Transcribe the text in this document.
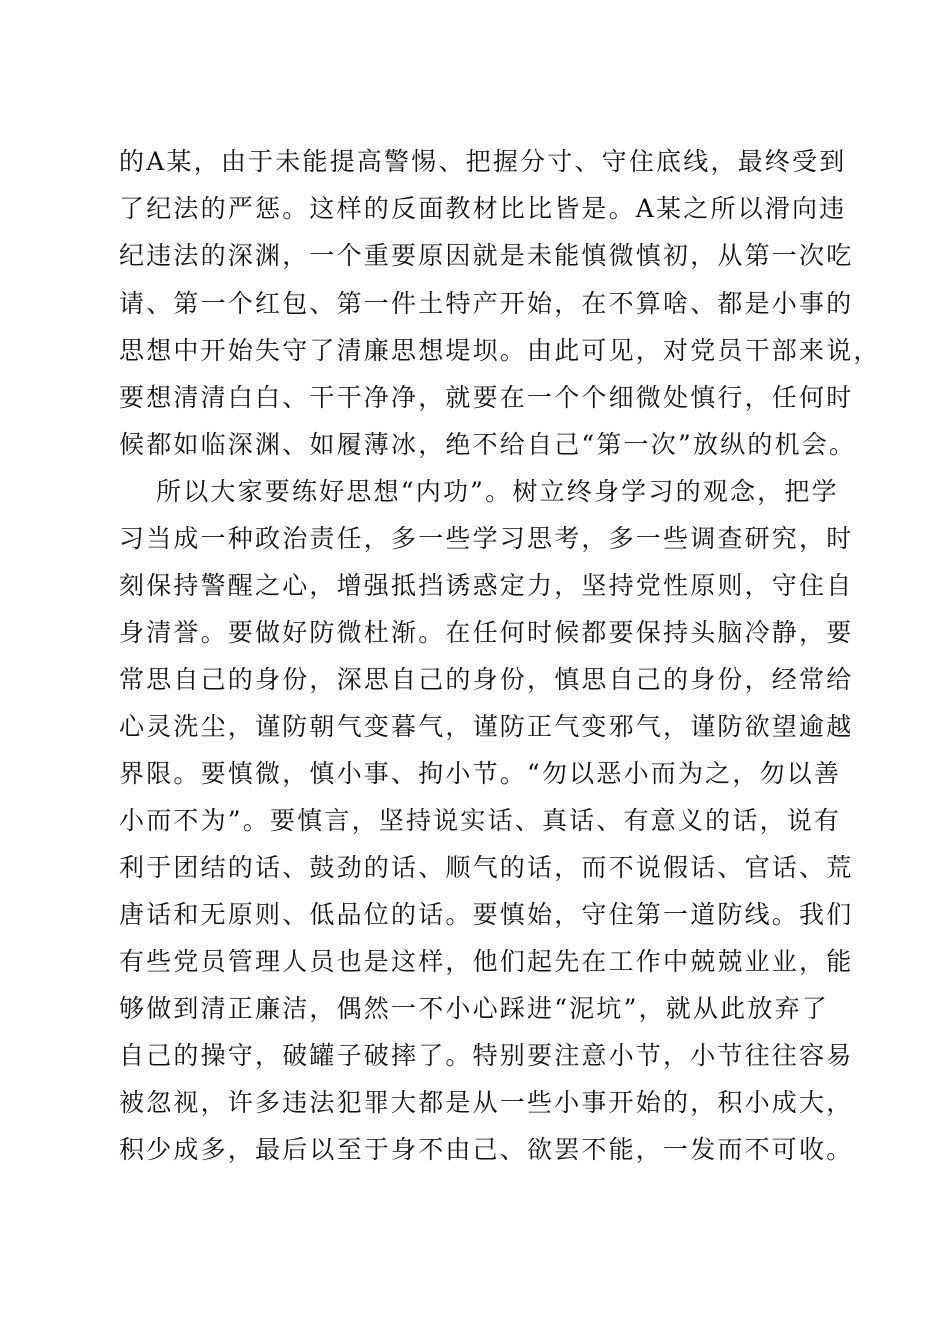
的A某，由于未能提高警惕、把握分寸、守住底线，最终受到
了纪法的严惩。这样的反面教材比比皆是。A某之所以滑向违
纪违法的深渊，一个重要原因就是未能慎微慎初，从第一次吃
请、第一个红包、第一件土特产开始，在不算啥、都是小事的
思想中开始失守了清廉思想堤坝。由此可见，对党员干部来说，
要想清清白白、干干净净，就要在一个个细微处慎行，任何时
候都如临深渊、如履薄冰，绝不给自己“第一次”放纵的机会。
所以大家要练好思想“内功”。树立终身学习的观念，把学
习当成一种政治责任，多一些学习思考，多一些调查研究，时
刻保持警醒之心，增强抵挡诱惑定力，坚持党性原则，守住自
身清誉。要做好防微杜渐。在任何时候都要保持头脑冷静，要
常思自己的身份，深思自己的身份，慎思自己的身份，经常给
心灵洗尘，谨防朝气变暮气，谨防正气变邪气，谨防欲望逾越
界限。要慎微，慎小事、拘小节。“勿以恶小而为之，勿以善
小而不为”。要慎言，坚持说实话、真话、有意义的话，说有
利于团结的话、鼓劲的话、顺气的话，而不说假话、官话、荒
唐话和无原则、低品位的话。要慎始，守住第一道防线。我们
有些党员管理人员也是这样，他们起先在工作中兢兢业业，能
够做到清正廉洁，偶然一不小心踩进“泥坑”，就从此放弃了
自己的操守，破罐子破摔了。特别要注意小节，小节往往容易
被忽视，许多违法犯罪大都是从一些小事开始的，积小成大，
积少成多，最后以至于身不由己、欲罢不能，一发而不可收。
